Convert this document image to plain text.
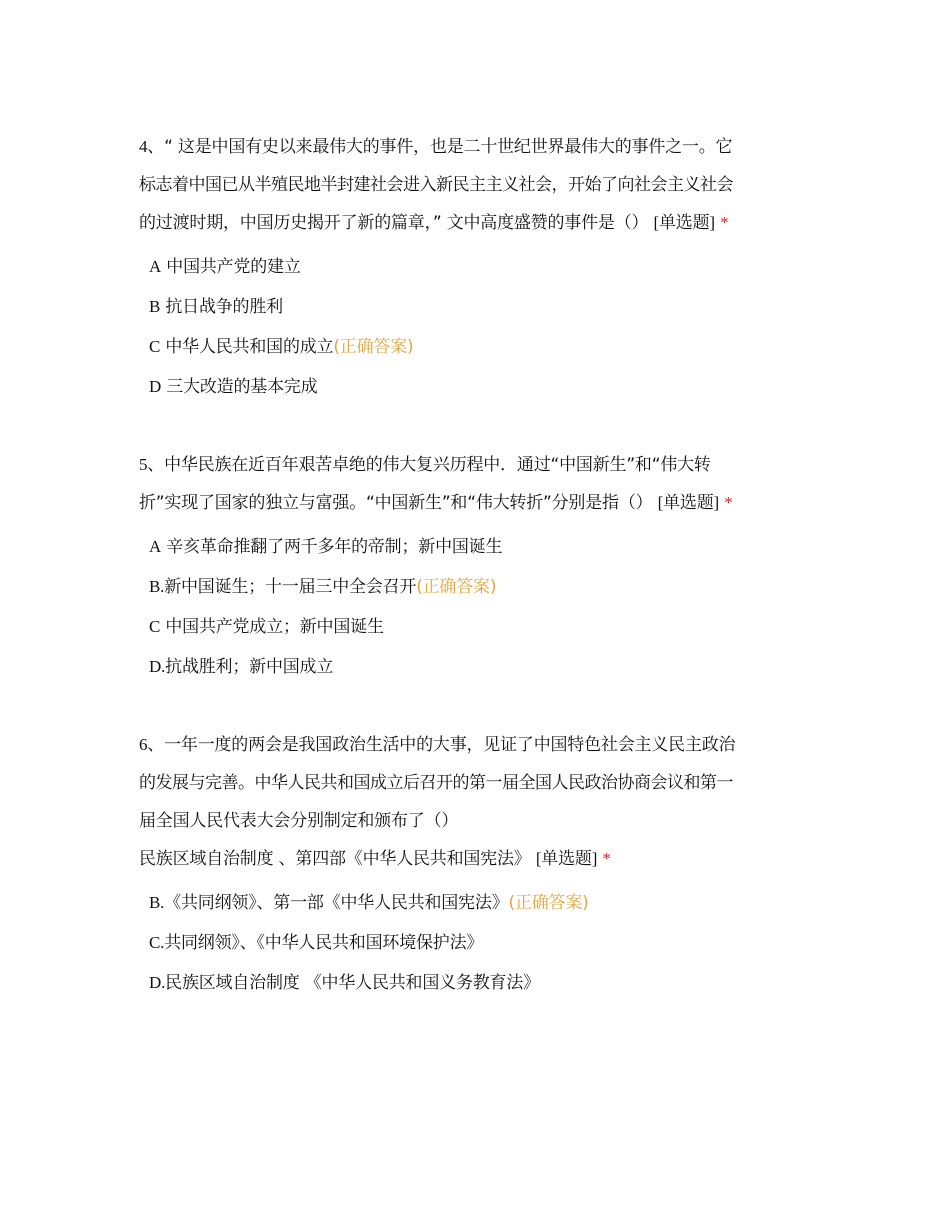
4、“ 这是中国有史以来最伟大的事件，也是二十世纪世界最伟大的事件之一。它
标志着中国已从半殖民地半封建社会进入新民主主义社会，开始了向社会主义社会
的过渡时期，中国历史揭开了新的篇章，” 文中高度盛赞的事件是（） [单选题] *
A 中国共产党的建立
B 抗日战争的胜利
C 中华人民共和国的成立(正确答案)
D 三大改造的基本完成
5、中华民族在近百年艰苦卓绝的伟大复兴历程中．通过“中国新生”和“伟大转
折”实现了国家的独立与富强。“中国新生”和“伟大转折”分别是指（） [单选题] *
A 辛亥革命推翻了两千多年的帝制；新中国诞生
B.新中国诞生；十一届三中全会召开(正确答案)
C 中国共产党成立；新中国诞生
D.抗战胜利；新中国成立
6、一年一度的两会是我国政治生活中的大事，见证了中国特色社会主义民主政治
的发展与完善。中华人民共和国成立后召开的第一届全国人民政治协商会议和第一
届全国人民代表大会分别制定和颁布了（）
民族区域自治制度 、第四部《中华人民共和国宪法》 [单选题] *
B.《共同纲领》、第一部《中华人民共和国宪法》(正确答案)
C.共同纲领》、《中华人民共和国环境保护法》
D.民族区域自治制度 《中华人民共和国义务教育法》
